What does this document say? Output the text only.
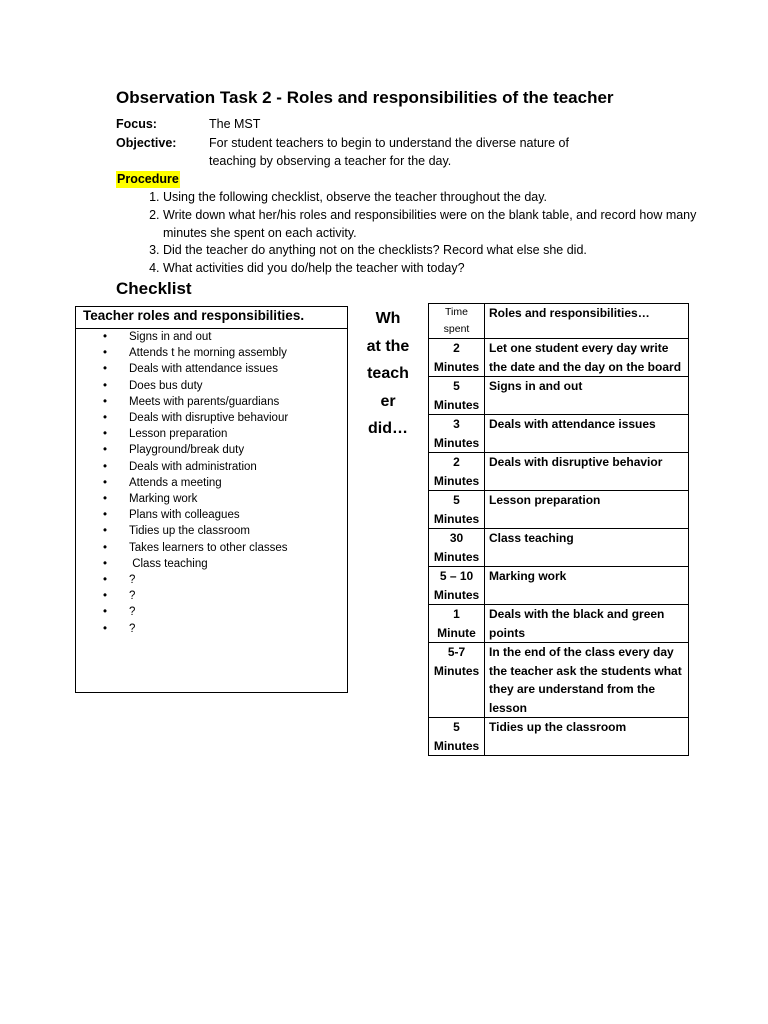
Observation Task 2 - Roles and responsibilities of the teacher
Focus:	The MST
Objective:	For student teachers to begin to understand the diverse nature of
teaching by observing a teacher for the day.
Procedure
1. Using the following checklist, observe the teacher throughout the day.
2. Write down what her/his roles and responsibilities were on the blank table, and record how many minutes she spent on each activity.
3. Did the teacher do anything not on the checklists? Record what else she did.
4. What activities did you do/help the teacher with today?
Checklist
Teacher roles and responsibilities.
• Signs in and out
• Attends t he morning assembly
• Deals with attendance issues
• Does bus duty
• Meets with parents/guardians
• Deals with disruptive behaviour
• Lesson preparation
• Playground/break duty
• Deals with administration
• Attends a meeting
• Marking work
• Plans with colleagues
• Tidies up the classroom
• Takes learners to other classes
•  Class teaching
• ?
• ?
• ?
• ?
Wh
at the
teach
er
did…
Time
spent	Roles and responsibilities…

2
Minutes	Let one student every day write the date and the day on the board

5
Minutes	Signs in and out

3
Minutes	Deals with attendance issues

2
Minutes	Deals with disruptive behavior

5
Minutes	Lesson preparation

30
Minutes	Class teaching

5 – 10
Minutes	Marking work

1
Minute	Deals with the black and green points

5-7
Minutes	In the end of the class every day the teacher ask the students what they are understand from the lesson

5
Minutes	Tidies up the classroom
